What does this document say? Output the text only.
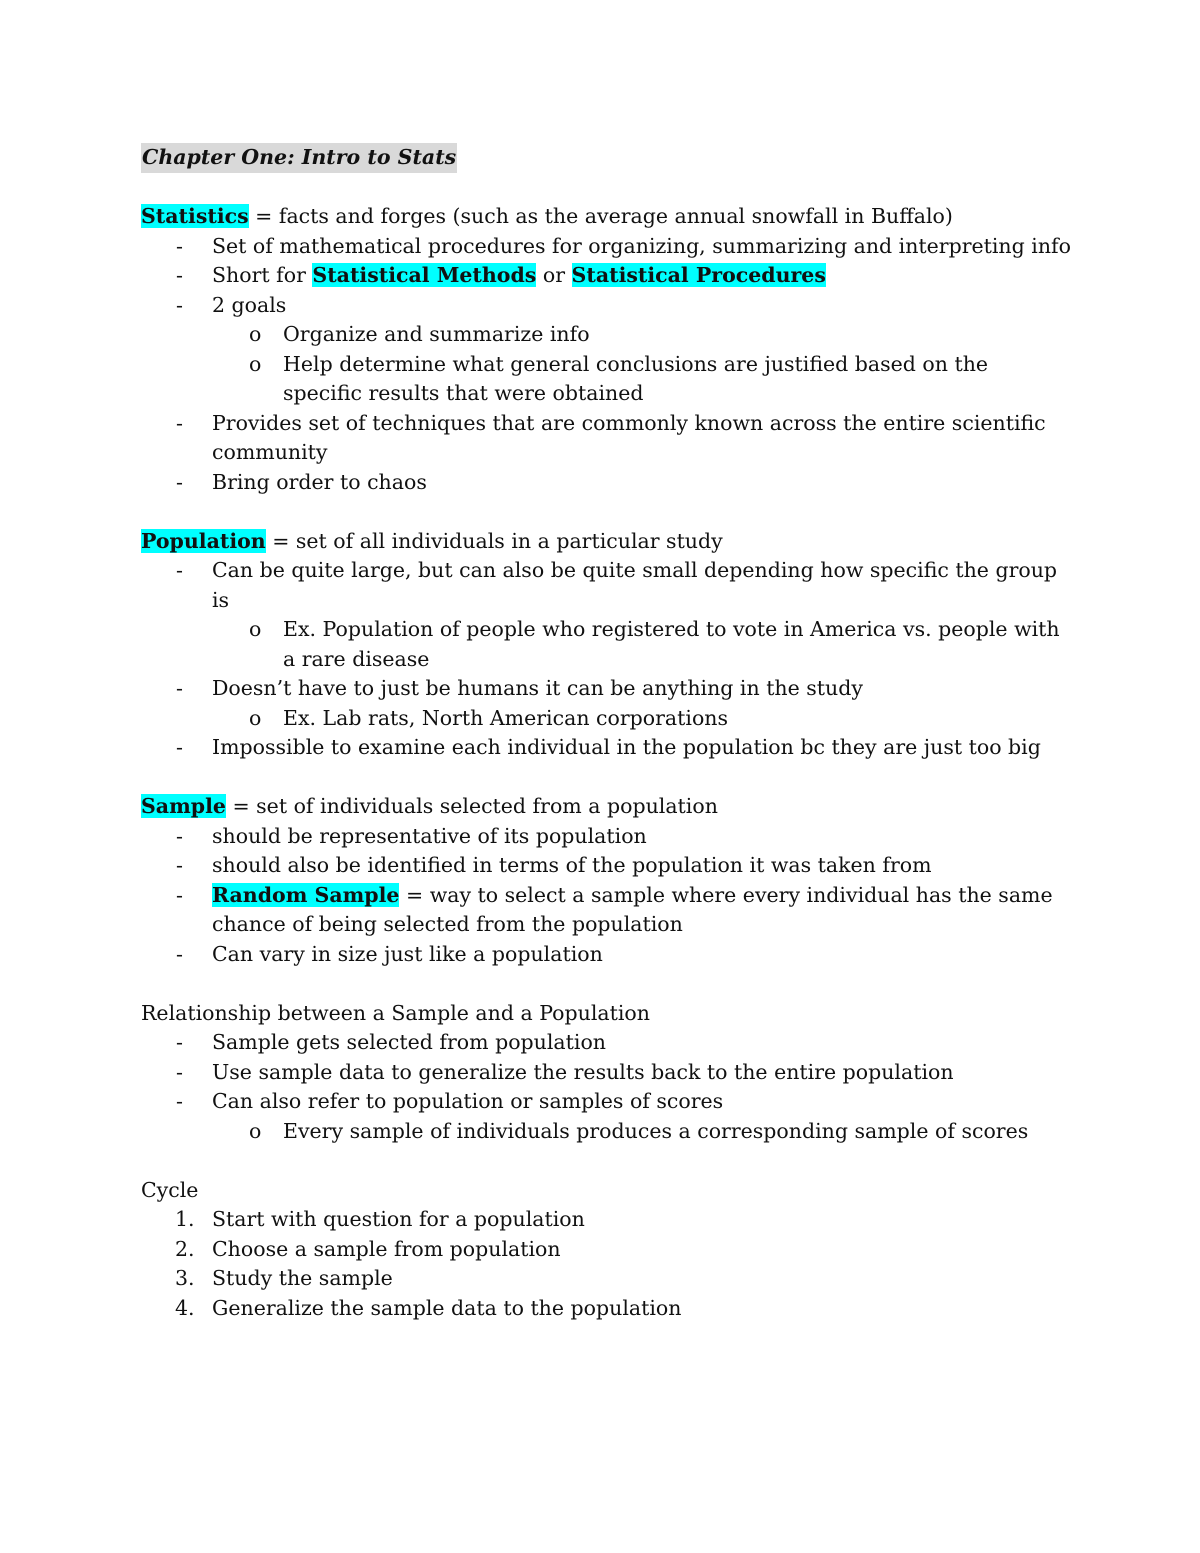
Chapter One: Intro to Stats
Statistics = facts and forges (such as the average annual snowfall in Buffalo)
- Set of mathematical procedures for organizing, summarizing and interpreting info
- Short for Statistical Methods or Statistical Procedures
- 2 goals
o Organize and summarize info
o Help determine what general conclusions are justified based on the specific results that were obtained
- Provides set of techniques that are commonly known across the entire scientific community
- Bring order to chaos
Population = set of all individuals in a particular study
- Can be quite large, but can also be quite small depending how specific the group is
o Ex. Population of people who registered to vote in America vs. people with a rare disease
- Doesn’t have to just be humans it can be anything in the study
o Ex. Lab rats, North American corporations
- Impossible to examine each individual in the population bc they are just too big
Sample = set of individuals selected from a population
- should be representative of its population
- should also be identified in terms of the population it was taken from
- Random Sample = way to select a sample where every individual has the same chance of being selected from the population
- Can vary in size just like a population
Relationship between a Sample and a Population
- Sample gets selected from population
- Use sample data to generalize the results back to the entire population
- Can also refer to population or samples of scores
o Every sample of individuals produces a corresponding sample of scores
Cycle
1. Start with question for a population
2. Choose a sample from population
3. Study the sample
4. Generalize the sample data to the population
